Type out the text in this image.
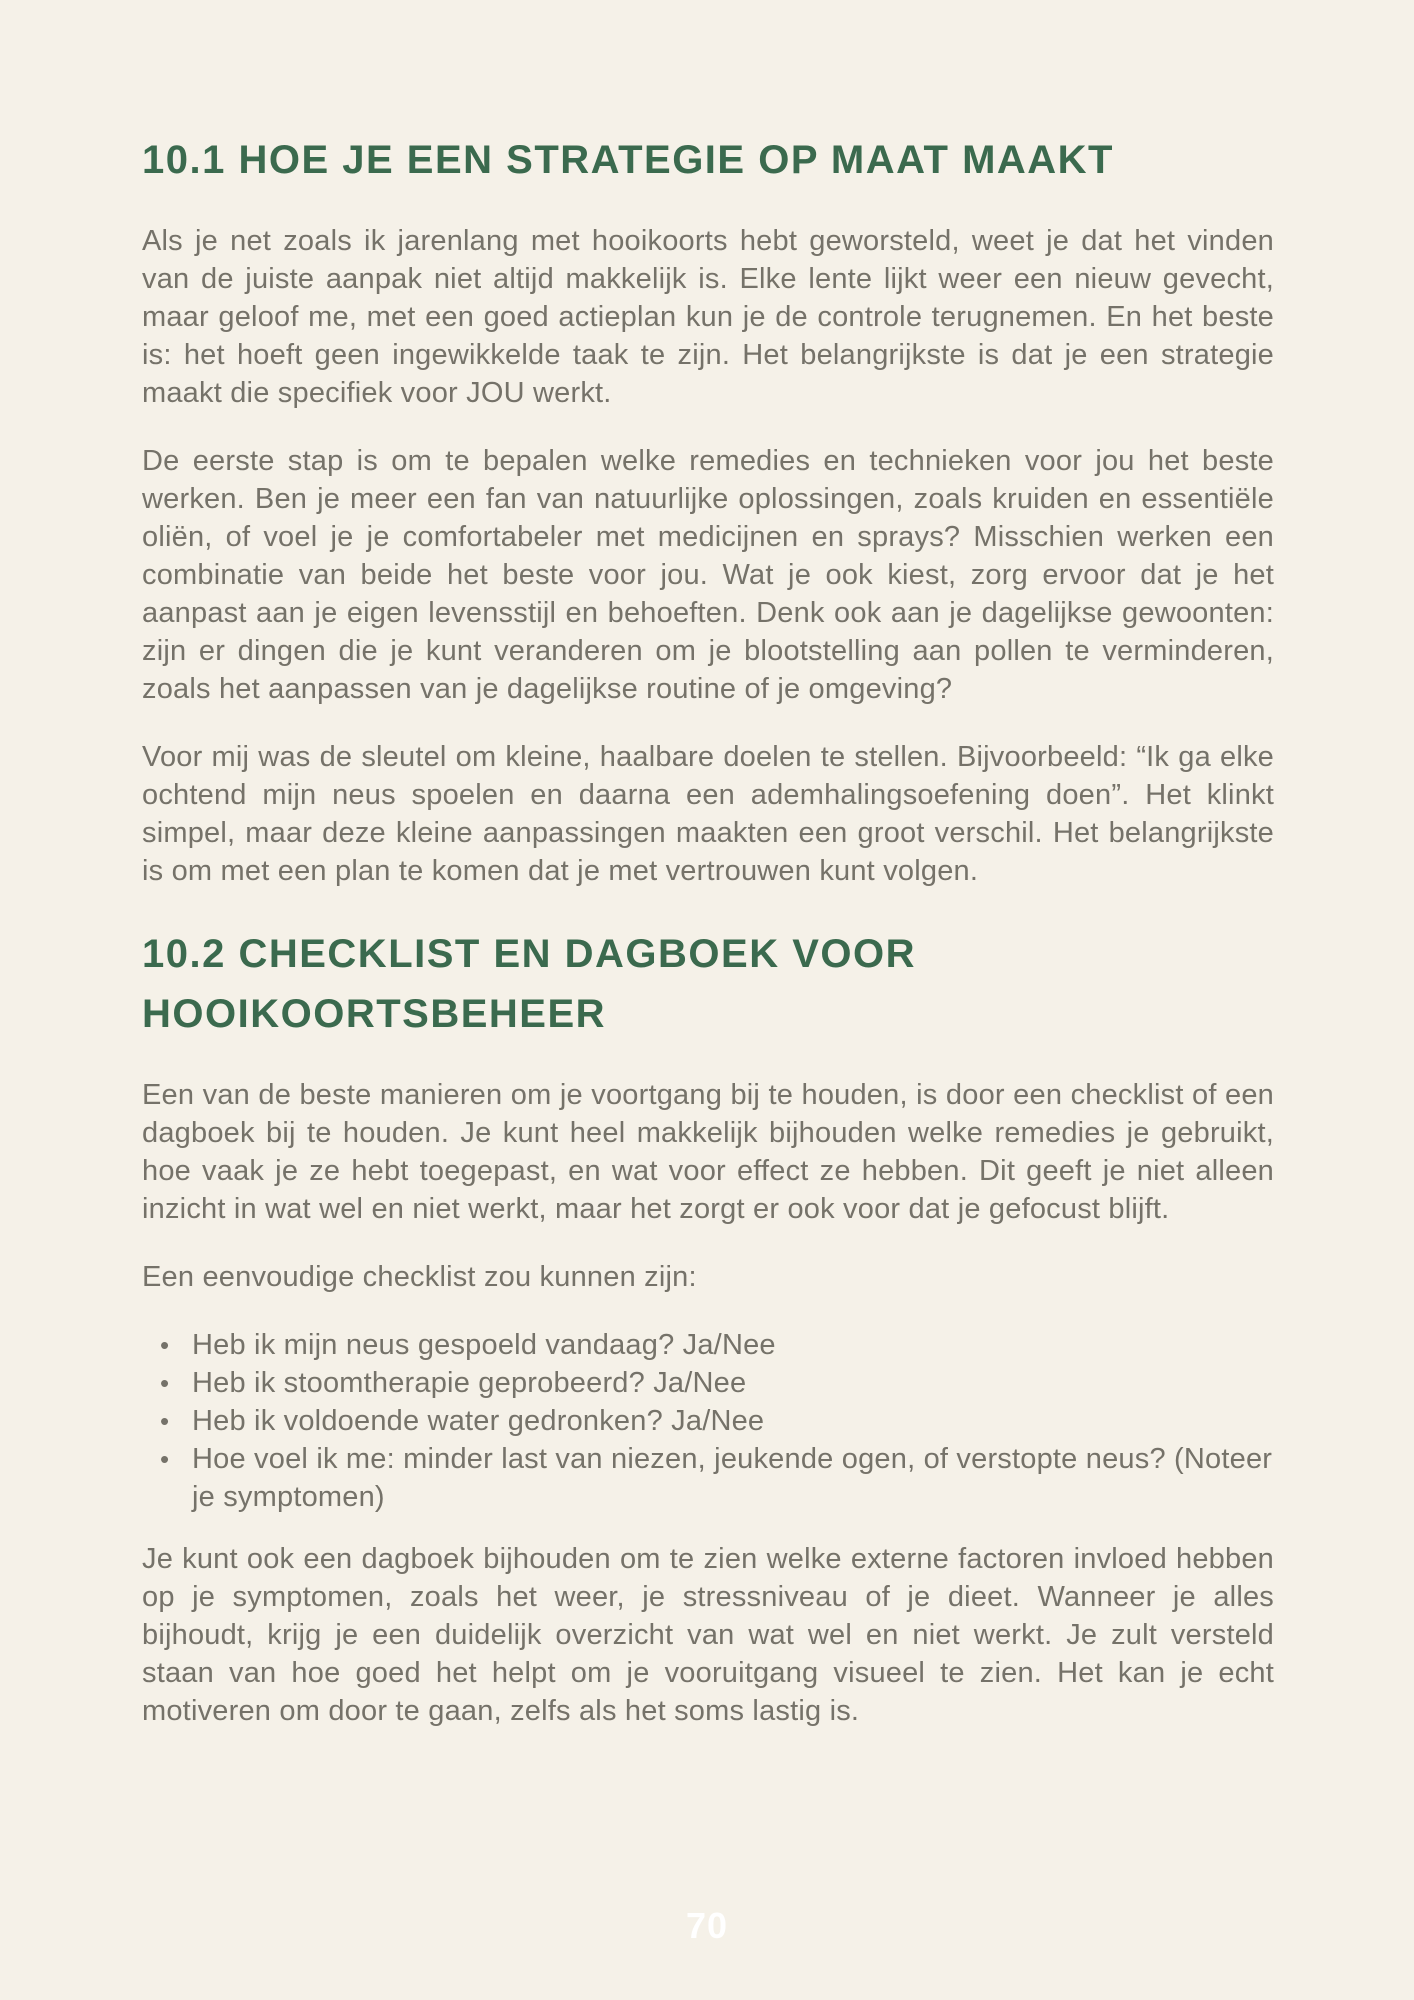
10.1 HOE JE EEN STRATEGIE OP MAAT MAAKT

Als je net zoals ik jarenlang met hooikoorts hebt geworsteld, weet je dat het vinden van de juiste aanpak niet altijd makkelijk is. Elke lente lijkt weer een nieuw gevecht, maar geloof me, met een goed actieplan kun je de controle terugnemen. En het beste is: het hoeft geen ingewikkelde taak te zijn. Het belangrijkste is dat je een strategie maakt die specifiek voor JOU werkt.

De eerste stap is om te bepalen welke remedies en technieken voor jou het beste werken. Ben je meer een fan van natuurlijke oplossingen, zoals kruiden en essentiële oliën, of voel je je comfortabeler met medicijnen en sprays? Misschien werken een combinatie van beide het beste voor jou. Wat je ook kiest, zorg ervoor dat je het aanpast aan je eigen levensstijl en behoeften. Denk ook aan je dagelijkse gewoonten: zijn er dingen die je kunt veranderen om je blootstelling aan pollen te verminderen, zoals het aanpassen van je dagelijkse routine of je omgeving?

Voor mij was de sleutel om kleine, haalbare doelen te stellen. Bijvoorbeeld: “Ik ga elke ochtend mijn neus spoelen en daarna een ademhalingsoefening doen”. Het klinkt simpel, maar deze kleine aanpassingen maakten een groot verschil. Het belangrijkste is om met een plan te komen dat je met vertrouwen kunt volgen.

10.2 CHECKLIST EN DAGBOEK VOOR HOOIKOORTSBEHEER

Een van de beste manieren om je voortgang bij te houden, is door een checklist of een dagboek bij te houden. Je kunt heel makkelijk bijhouden welke remedies je gebruikt, hoe vaak je ze hebt toegepast, en wat voor effect ze hebben. Dit geeft je niet alleen inzicht in wat wel en niet werkt, maar het zorgt er ook voor dat je gefocust blijft.

Een eenvoudige checklist zou kunnen zijn:

• Heb ik mijn neus gespoeld vandaag? Ja/Nee
• Heb ik stoomtherapie geprobeerd? Ja/Nee
• Heb ik voldoende water gedronken? Ja/Nee
• Hoe voel ik me: minder last van niezen, jeukende ogen, of verstopte neus? (Noteer je symptomen)

Je kunt ook een dagboek bijhouden om te zien welke externe factoren invloed hebben op je symptomen, zoals het weer, je stressniveau of je dieet. Wanneer je alles bijhoudt, krijg je een duidelijk overzicht van wat wel en niet werkt. Je zult versteld staan van hoe goed het helpt om je vooruitgang visueel te zien. Het kan je echt motiveren om door te gaan, zelfs als het soms lastig is.

70
